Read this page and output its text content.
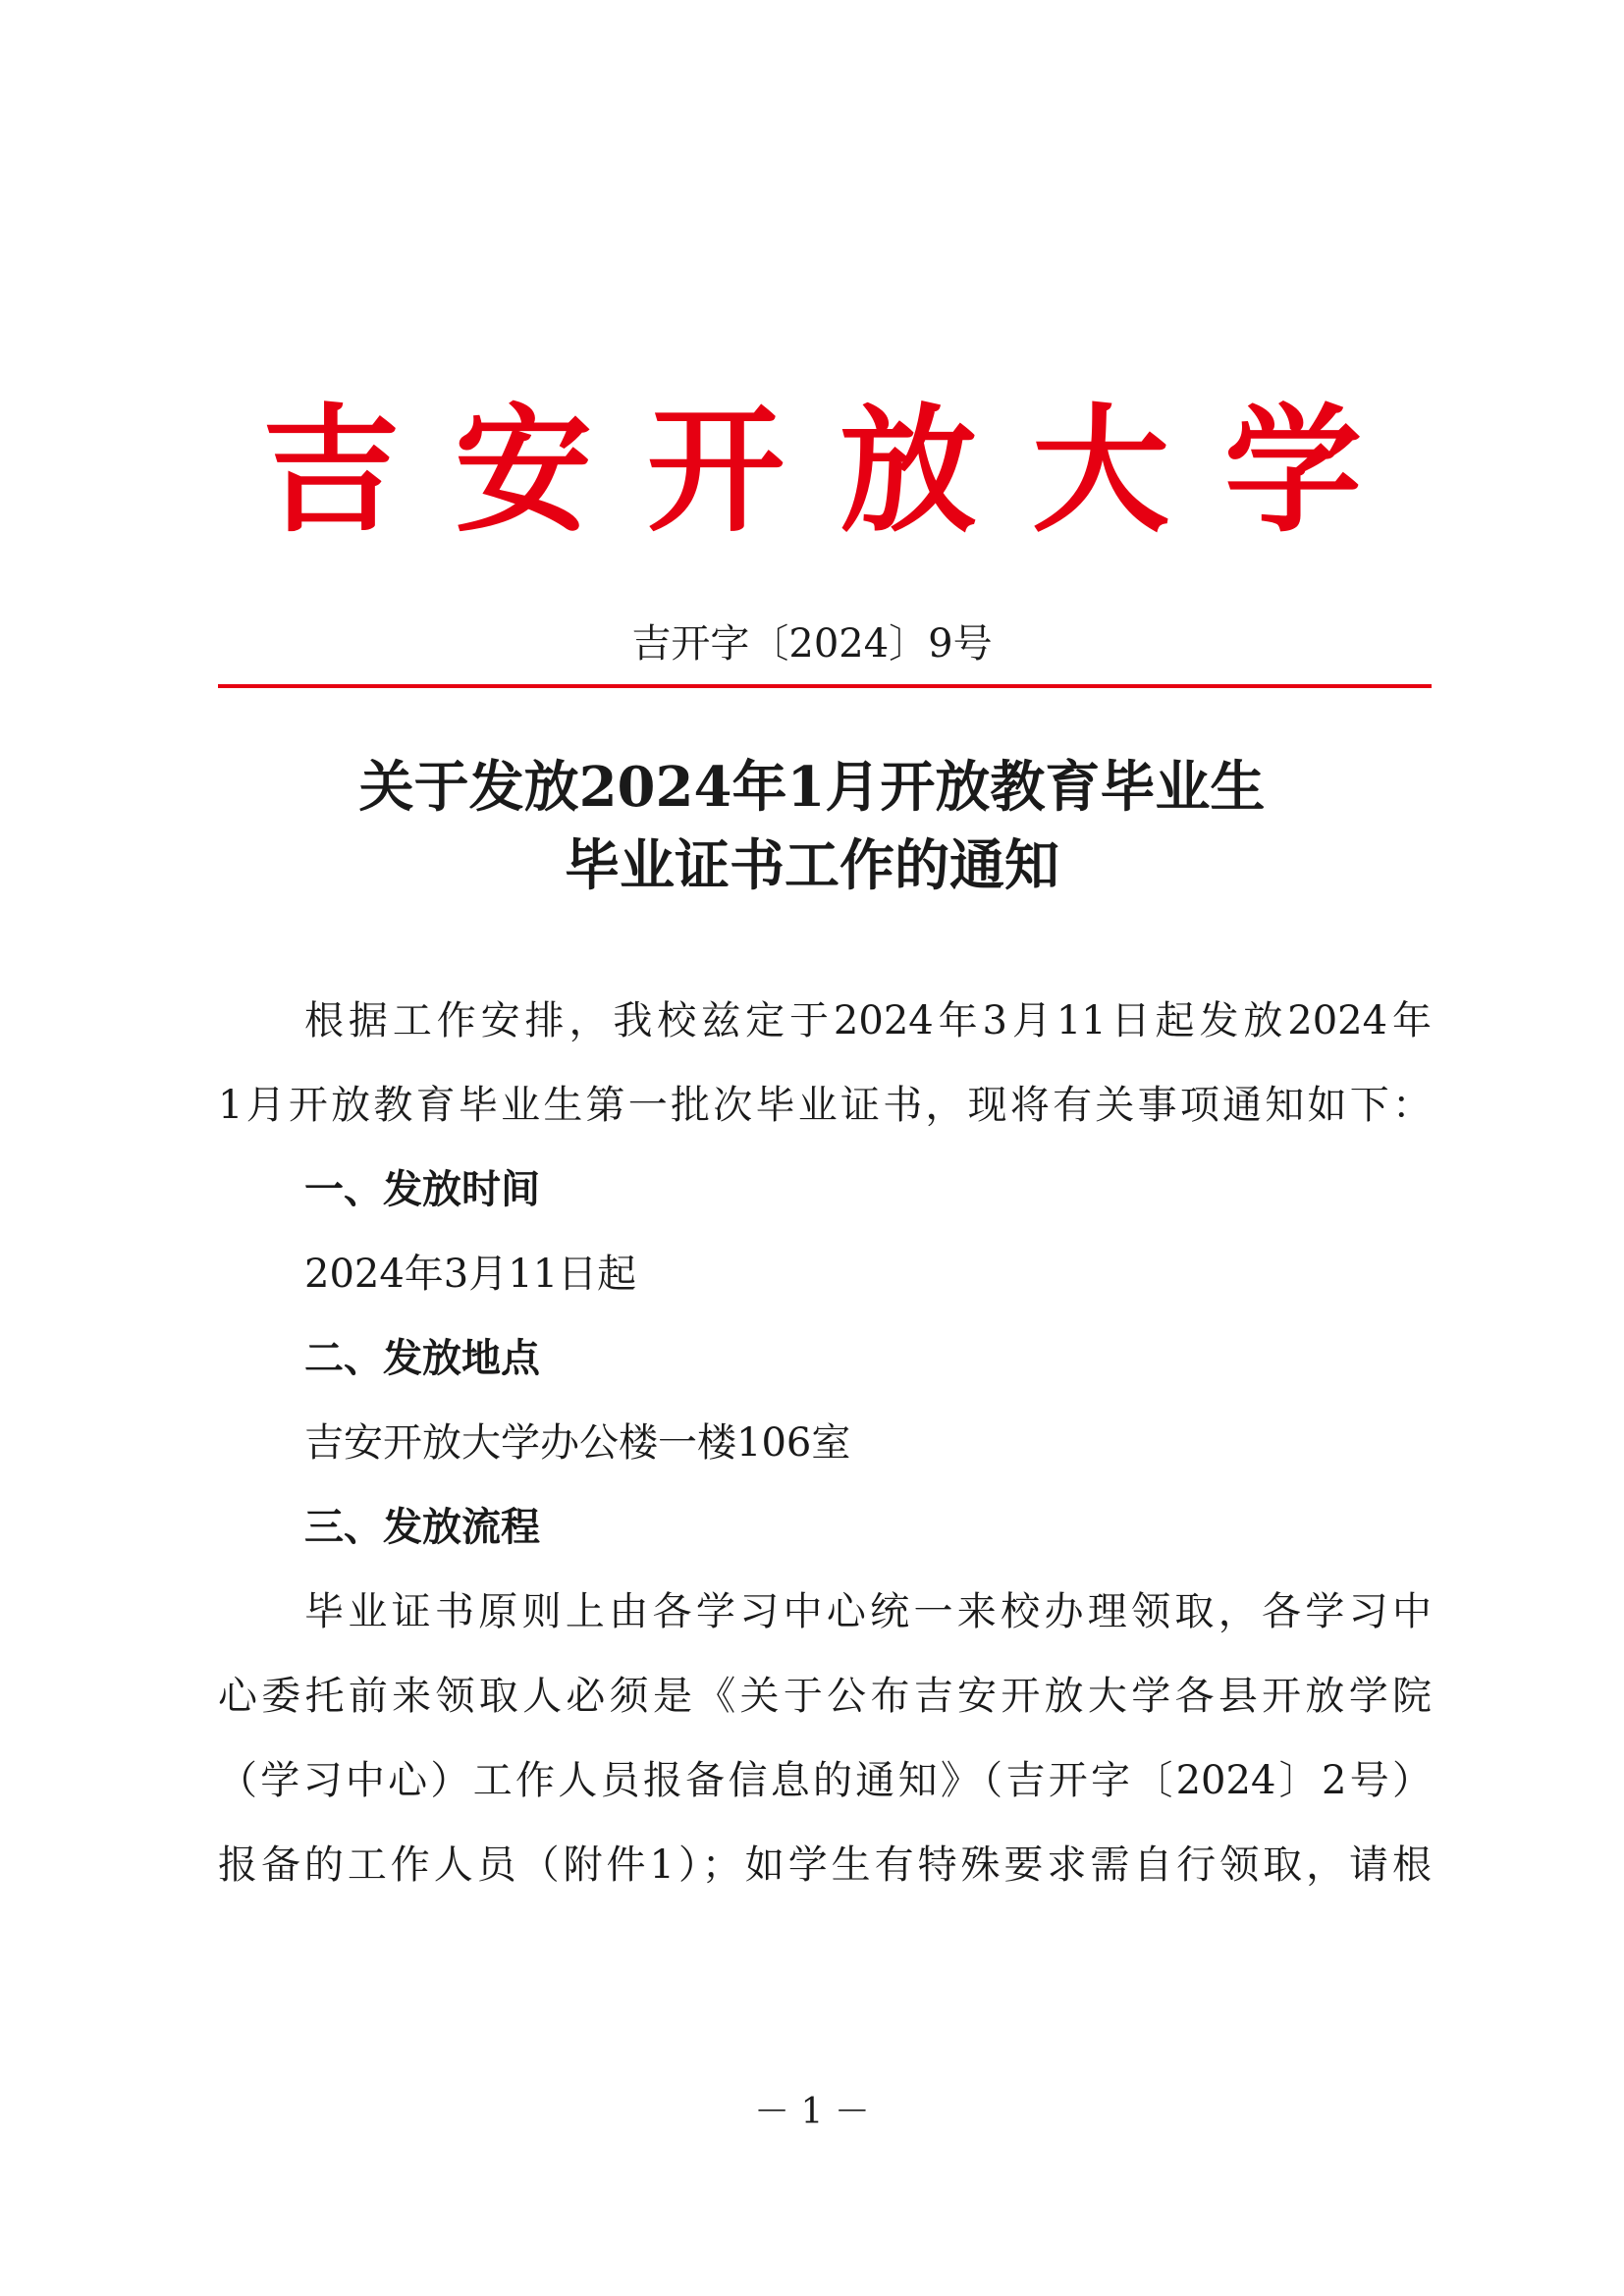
吉安开放大学
吉开字〔2024〕9号
关于发放2024年1月开放教育毕业生
毕业证书工作的通知
根据工作安排，我校兹定于2024年3月11日起发放2024年
1月开放教育毕业生第一批次毕业证书，现将有关事项通知如下：
一、发放时间
2024年3月11日起
二、发放地点
吉安开放大学办公楼一楼106室
三、发放流程
毕业证书原则上由各学习中心统一来校办理领取，各学习中
心委托前来领取人必须是《关于公布吉安开放大学各县开放学院
（学习中心）工作人员报备信息的通知》（吉开字〔2024〕2号）
报备的工作人员（附件1）；如学生有特殊要求需自行领取，请根
－ 1 －
